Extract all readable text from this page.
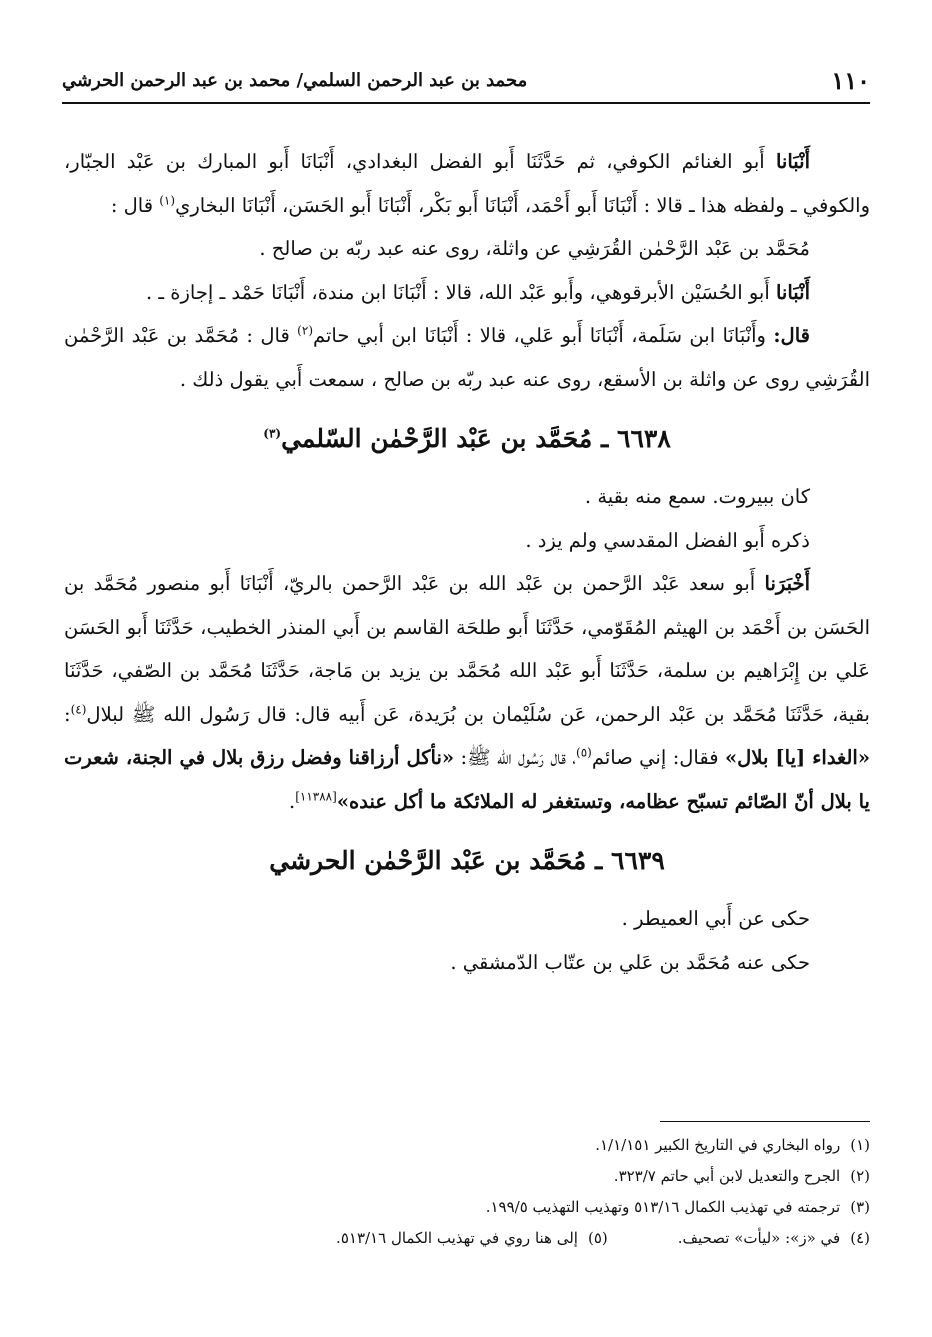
١١٠
محمد بن عبد الرحمن السلمي/ محمد بن عبد الرحمن الحرشي

أَنْبَانا أَبو الغنائم الكوفي، ثم حَدَّثَنَا أَبو الفضل البغدادي، أَنْبَانَا أَبو المبارك بن عَبْد الجبّار، والكوفي ـ ولفظه هذا ـ قالا : أَنْبَانَا أَبو أَحْمَد، أَنْبَانَا أَبو بَكْر، أَنْبَانَا أَبو الحَسَن، أَنْبَانَا البخاري$^{(١)}$ قال :

مُحَمَّد بن عَبْد الرَّحْمٰن القُرَشِي عن واثلة، روى عنه عبد ربّه بن صالح .

أَنْبَانا أَبو الحُسَيْن الأبرقوهي، وأَبو عَبْد الله، قالا : أَنْبَانَا ابن مندة، أَنْبَانَا حَمْد ـ إجازة ـ .

قال: وأَنْبَانَا ابن سَلَمة، أَنْبَانَا أَبو عَلي، قالا : أَنْبَانَا ابن أبي حاتم$^{(٢)}$ قال : مُحَمَّد بن عَبْد الرَّحْمٰن القُرَشِي روى عن واثلة بن الأسقع، روى عنه عبد ربّه بن صالح ، سمعت أَبي يقول ذلك .

٦٦٣٨ ـ مُحَمَّد بن عَبْد الرَّحْمٰن السّلمي$^{(٣)}$

كان ببيروت. سمع منه بقية .

ذكره أَبو الفضل المقدسي ولم يزد .

أَخْبَرَنا أَبو سعد عَبْد الرَّحمن بن عَبْد الله بن عَبْد الرَّحمن بالريّ، أَنْبَانَا أَبو منصور مُحَمَّد بن الحَسَن بن أَحْمَد بن الهيثم المُقَوّمي، حَدَّثَنَا أَبو طلحَة القاسم بن أَبي المنذر الخطيب، حَدَّثَنَا أَبو الحَسَن عَلي بن إِبْرَاهيم بن سلمة، حَدَّثَنَا أَبو عَبْد الله مُحَمَّد بن يزيد بن مَاجة، حَدَّثَنَا مُحَمَّد بن الصّفي، حَدَّثَنَا بقية، حَدَّثَنَا مُحَمَّد بن عَبْد الرحمن، عَن سُلَيْمان بن بُرَيدة، عَن أَبيه قال: قال رَسُول الله ﷺ لبلال$^{(٤)}$: «الغداء [يا] بلال» فقال: إني صائم$^{(٥)}$، قال رَسُول الله ﷺ: «نأكل أرزاقنا وفضل رزق بلال في الجنة، شعرت يا بلال أنّ الصّائم تسبّح عظامه، وتستغفر له الملائكة ما أكل عنده»[١١٣٨٨].

٦٦٣٩ ـ مُحَمَّد بن عَبْد الرَّحْمٰن الحرشي

حكى عن أَبي العميطر .

حكى عنه مُحَمَّد بن عَلي بن عتّاب الدّمشقي .

(١)رواه البخاري في التاريخ الكبير ١/١/١٥١.

(٢)الجرح والتعديل لابن أبي حاتم ٣٢٣/٧.

(٣)ترجمته في تهذيب الكمال ٥١٣/١٦ وتهذيب التهذيب ١٩٩/٥.

(٤)في «ز»: «ليأت» تصحيف.

(٥)إلى هنا روي في تهذيب الكمال ٥١٣/١٦.
